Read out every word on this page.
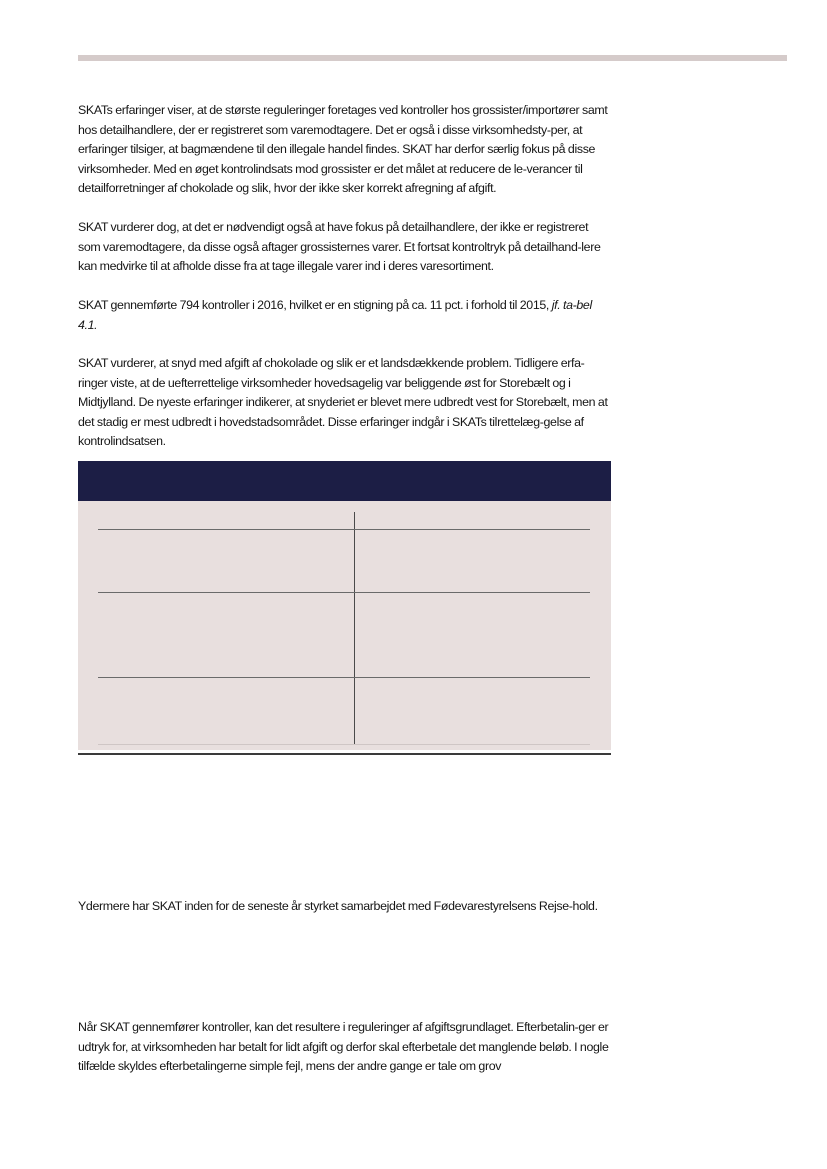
SKATs erfaringer viser, at de største reguleringer foretages ved kontroller hos grossister/importører samt hos detailhandlere, der er registreret som varemodtagere. Det er også i disse virksomhedsty-per, at erfaringer tilsiger, at bagmændene til den illegale handel findes. SKAT har derfor særlig fokus på disse virksomheder. Med en øget kontrolindsats mod grossister er det målet at reducere de le-verancer til detailforretninger af chokolade og slik, hvor der ikke sker korrekt afregning af afgift.

SKAT vurderer dog, at det er nødvendigt også at have fokus på detailhandlere, der ikke er registreret som varemodtagere, da disse også aftager grossisternes varer. Et fortsat kontroltryk på detailhand-lere kan medvirke til at afholde disse fra at tage illegale varer ind i deres varesortiment.

SKAT gennemførte 794 kontroller i 2016, hvilket er en stigning på ca. 11 pct. i forhold til 2015, jf. ta-bel 4.1.

SKAT vurderer, at snyd med afgift af chokolade og slik er et landsdækkende problem. Tidligere erfa-ringer viste, at de uefterrettelige virksomheder hovedsagelig var beliggende øst for Storebælt og i Midtjylland. De nyeste erfaringer indikerer, at snyderiet er blevet mere udbredt vest for Storebælt, men at det stadig er mest udbredt i hovedstadsområdet. Disse erfaringer indgår i SKATs tilrettelæg-gelse af kontrolindsatsen.

Ydermere har SKAT inden for de seneste år styrket samarbejdet med Fødevarestyrelsens Rejse-hold.

Når SKAT gennemfører kontroller, kan det resultere i reguleringer af afgiftsgrundlaget. Efterbetalin-ger er udtryk for, at virksomheden har betalt for lidt afgift og derfor skal efterbetale det manglende beløb. I nogle tilfælde skyldes efterbetalingerne simple fejl, mens der andre gange er tale om grov
